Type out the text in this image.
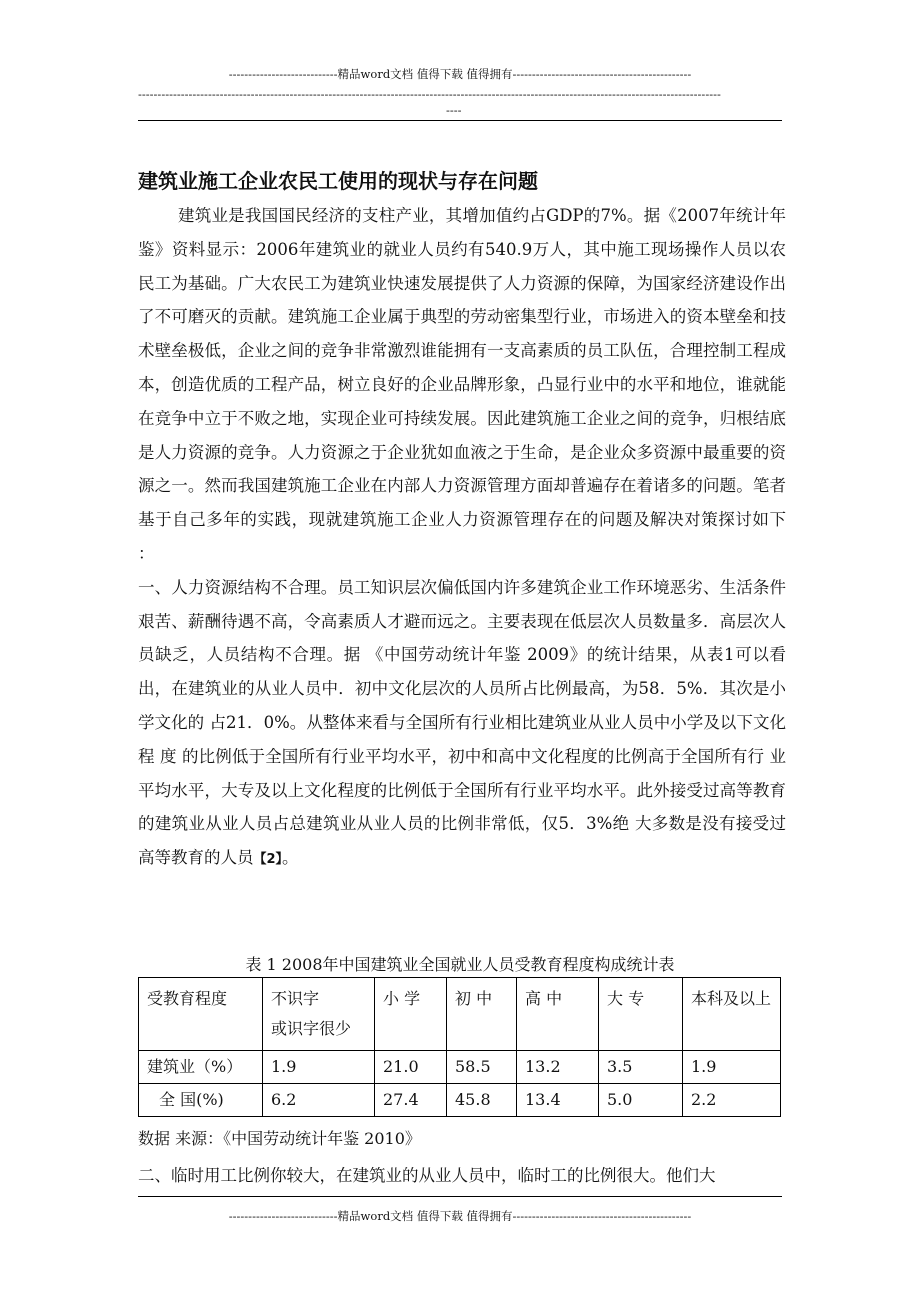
----------------------------精品word文档 值得下载 值得拥有----------------------------------------------
------------------------------------------------------------------------------------------------------------------------------------------------------
----
建筑业施工企业农民工使用的现状与存在问题

建筑业是我国国民经济的支柱产业，其增加值约占GDP的7%。据《2007年统计年鉴》资料显示：2006年建筑业的就业人员约有540.9万人，其中施工现场操作人员以农民工为基础。广大农民工为建筑业快速发展提供了人力资源的保障，为国家经济建设作出了不可磨灭的贡献。建筑施工企业属于典型的劳动密集型行业，市场进入的资本壁垒和技术壁垒极低，企业之间的竞争非常激烈谁能拥有一支高素质的员工队伍，合理控制工程成本，创造优质的工程产品，树立良好的企业品牌形象，凸显行业中的水平和地位，谁就能在竞争中立于不败之地，实现企业可持续发展。因此建筑施工企业之间的竞争，归根结底是人力资源的竞争。人力资源之于企业犹如血液之于生命，是企业众多资源中最重要的资源之一。然而我国建筑施工企业在内部人力资源管理方面却普遍存在着诸多的问题。笔者基于自己多年的实践，现就建筑施工企业人力资源管理存在的问题及解决对策探讨如下 ：

一、人力资源结构不合理。员工知识层次偏低国内许多建筑企业工作环境恶劣、生活条件艰苦、薪酬待遇不高，令高素质人才避而远之。主要表现在低层次人员数量多．高层次人员缺乏，人员结构不合理。据 《中国劳动统计年鉴 2009》的统计结果，从表1可以看出，在建筑业的从业人员中．初中文化层次的人员所占比例最高，为58．5%．其次是小学文化的 占21．0%。从整体来看与全国所有行业相比建筑业从业人员中小学及以下文化程 度 的比例低于全国所有行业平均水平，初中和高中文化程度的比例高于全国所有行 业平均水平，大专及以上文化程度的比例低于全国所有行业平均水平。此外接受过高等教育的建筑业从业人员占总建筑业从业人员的比例非常低，仅5．3%绝 大多数是没有接受过高等教育的人员【2】。

表 1 2008年中国建筑业全国就业人员受教育程度构成统计表
受教育程度	不识字
或识字很少	小 学	初 中	高 中	大 专	本科及以上
建筑业（%）	1.9	21.0	58.5	13.2	3.5	1.9
全 国(%)	6.2	27.4	45.8	13.4	5.0	2.2
数据 来源：《中国劳动统计年鉴 2010》
二、临时用工比例你较大，在建筑业的从业人员中，临时工的比例很大。他们大
----------------------------精品word文档 值得下载 值得拥有----------------------------------------------
